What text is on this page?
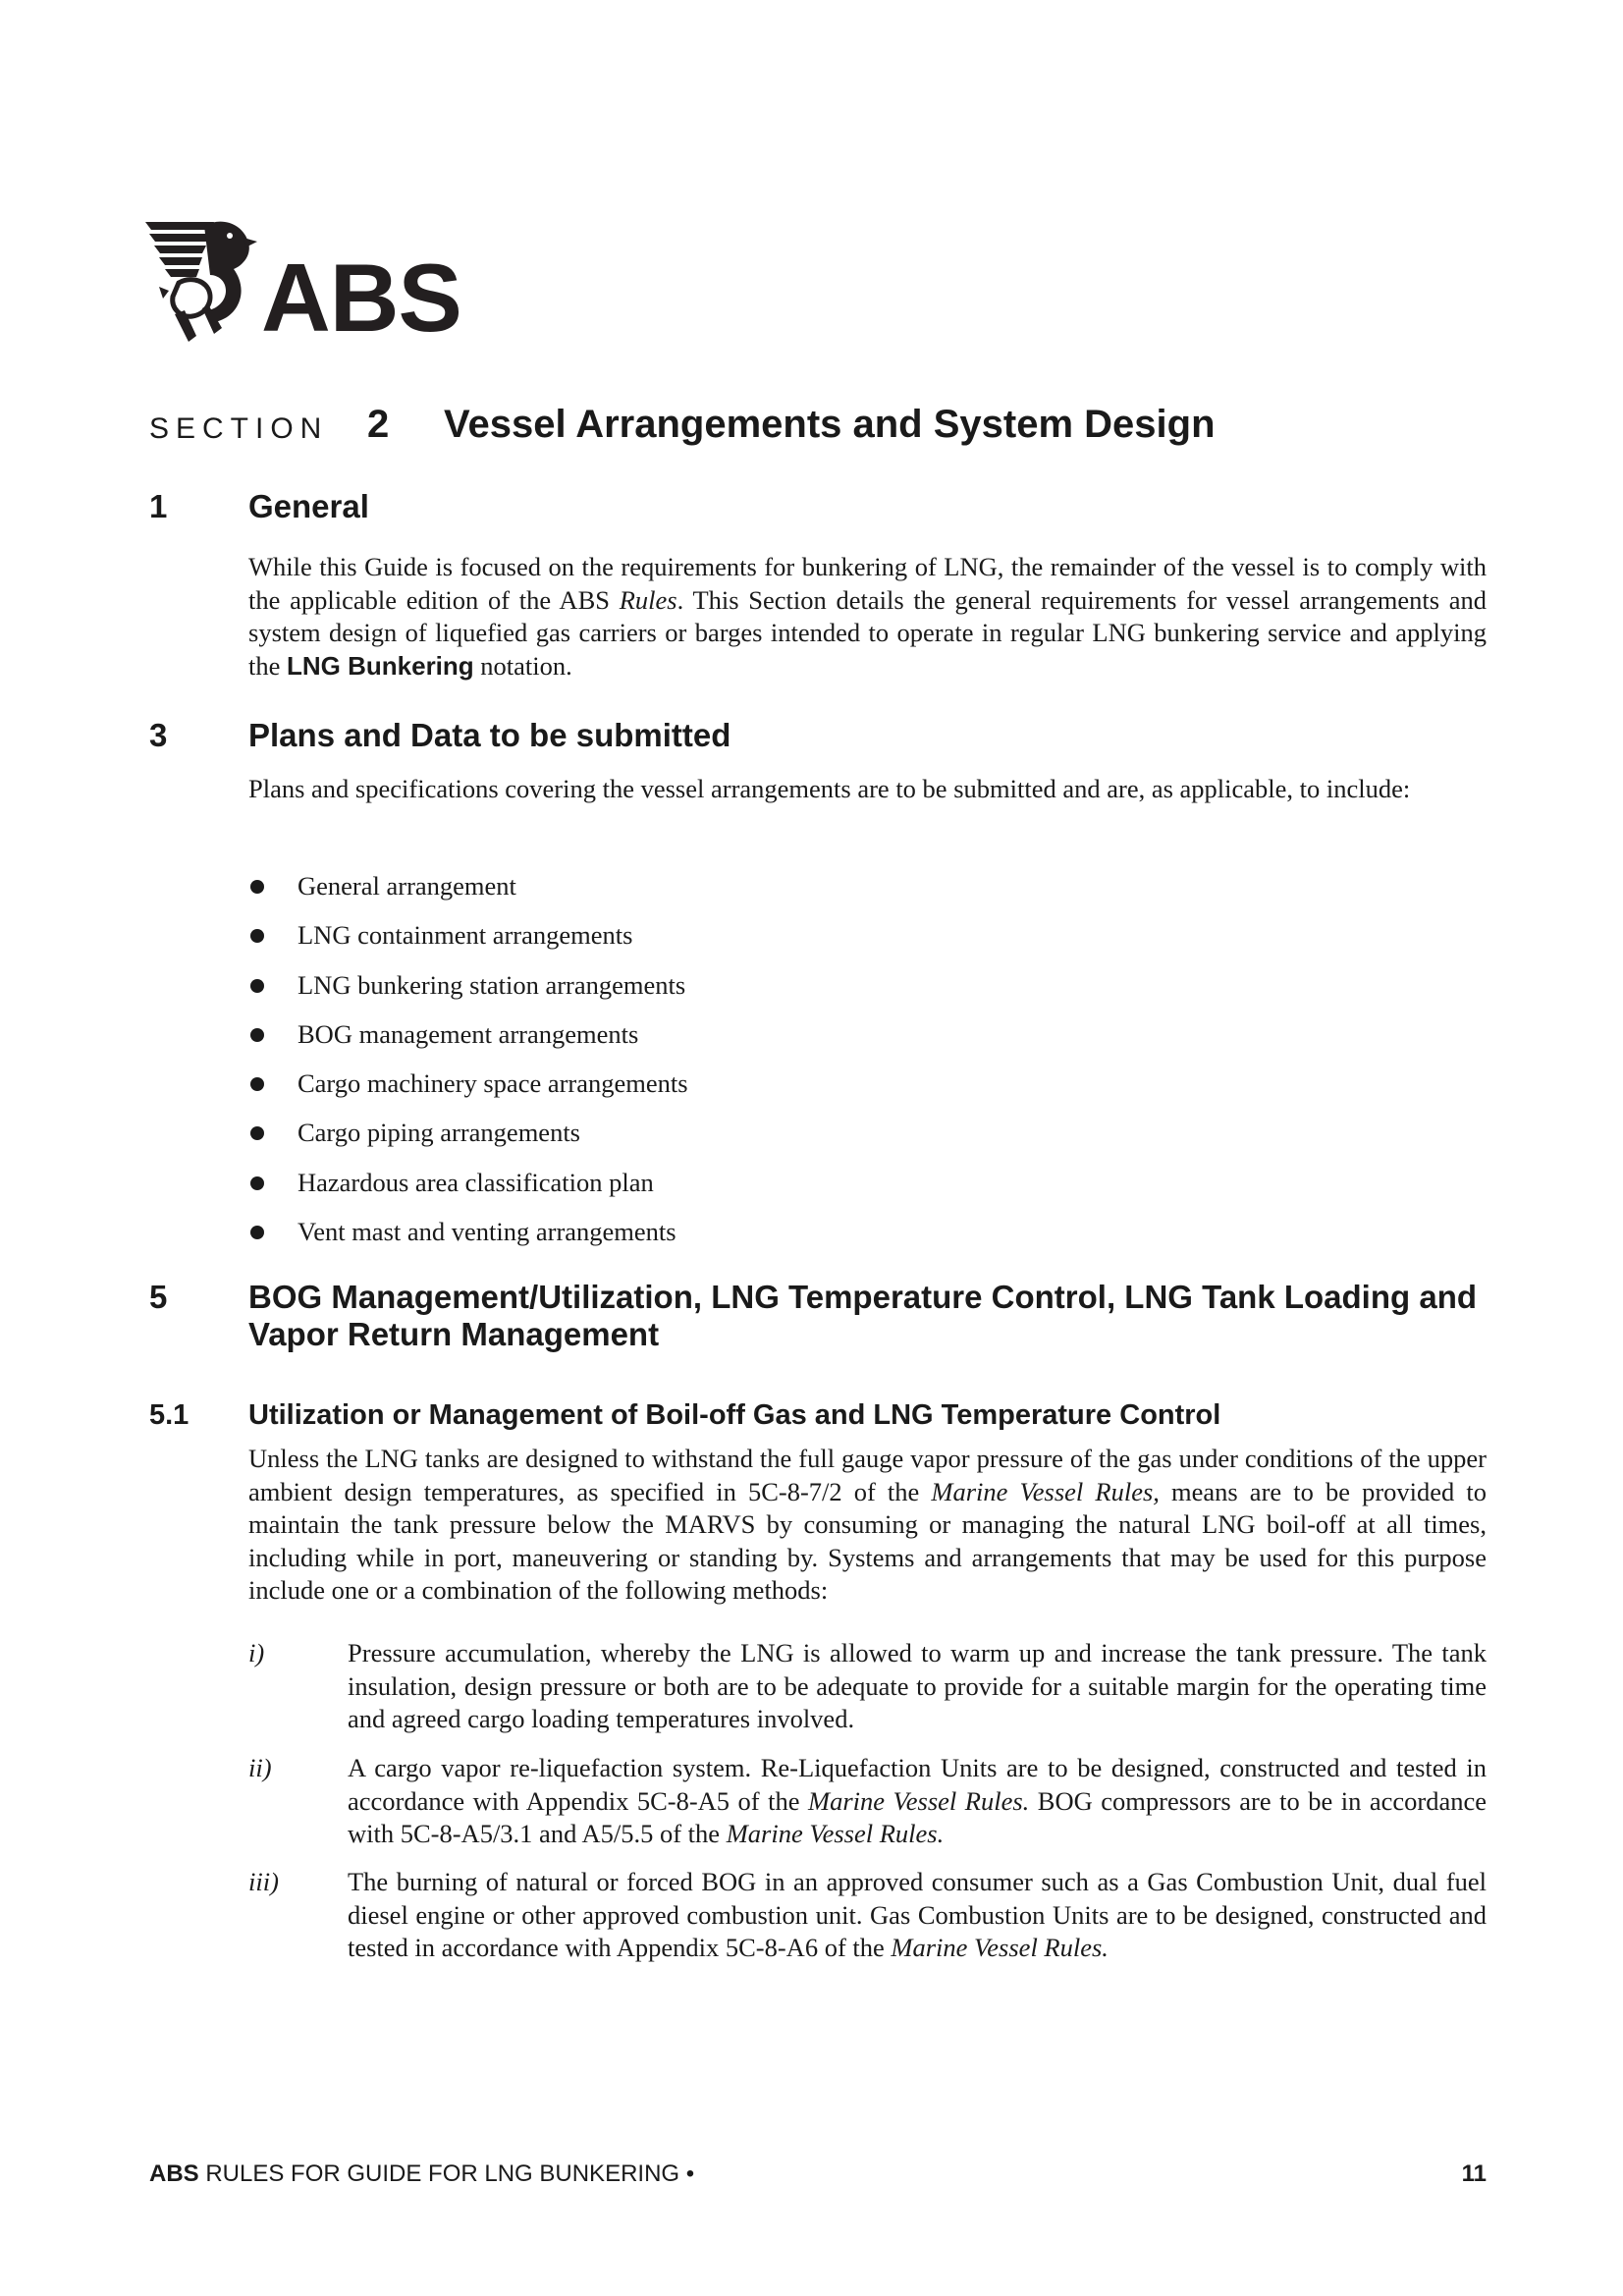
ABS
SECTION 2 Vessel Arrangements and System Design
1	General
While this Guide is focused on the requirements for bunkering of LNG, the remainder of the vessel is to comply with the applicable edition of the ABS Rules. This Section details the general requirements for vessel arrangements and system design of liquefied gas carriers or barges intended to operate in regular LNG bunkering service and applying the LNG Bunkering notation.
3	Plans and Data to be submitted
Plans and specifications covering the vessel arrangements are to be submitted and are, as applicable, to include:
General arrangement
LNG containment arrangements
LNG bunkering station arrangements
BOG management arrangements
Cargo machinery space arrangements
Cargo piping arrangements
Hazardous area classification plan
Vent mast and venting arrangements
5	BOG Management/Utilization, LNG Temperature Control, LNG Tank Loading and Vapor Return Management
5.1 Utilization or Management of Boil-off Gas and LNG Temperature Control
Unless the LNG tanks are designed to withstand the full gauge vapor pressure of the gas under conditions of the upper ambient design temperatures, as specified in 5C-8-7/2 of the Marine Vessel Rules, means are to be provided to maintain the tank pressure below the MARVS by consuming or managing the natural LNG boil-off at all times, including while in port, maneuvering or standing by. Systems and arrangements that may be used for this purpose include one or a combination of the following methods:
i)	Pressure accumulation, whereby the LNG is allowed to warm up and increase the tank pressure. The tank insulation, design pressure or both are to be adequate to provide for a suitable margin for the operating time and agreed cargo loading temperatures involved.
ii)	A cargo vapor re-liquefaction system. Re-Liquefaction Units are to be designed, constructed and tested in accordance with Appendix 5C-8-A5 of the Marine Vessel Rules. BOG compressors are to be in accordance with 5C-8-A5/3.1 and A5/5.5 of the Marine Vessel Rules.
iii)	The burning of natural or forced BOG in an approved consumer such as a Gas Combustion Unit, dual fuel diesel engine or other approved combustion unit. Gas Combustion Units are to be designed, constructed and tested in accordance with Appendix 5C-8-A6 of the Marine Vessel Rules.
ABS RULES FOR GUIDE FOR LNG BUNKERING •	11
